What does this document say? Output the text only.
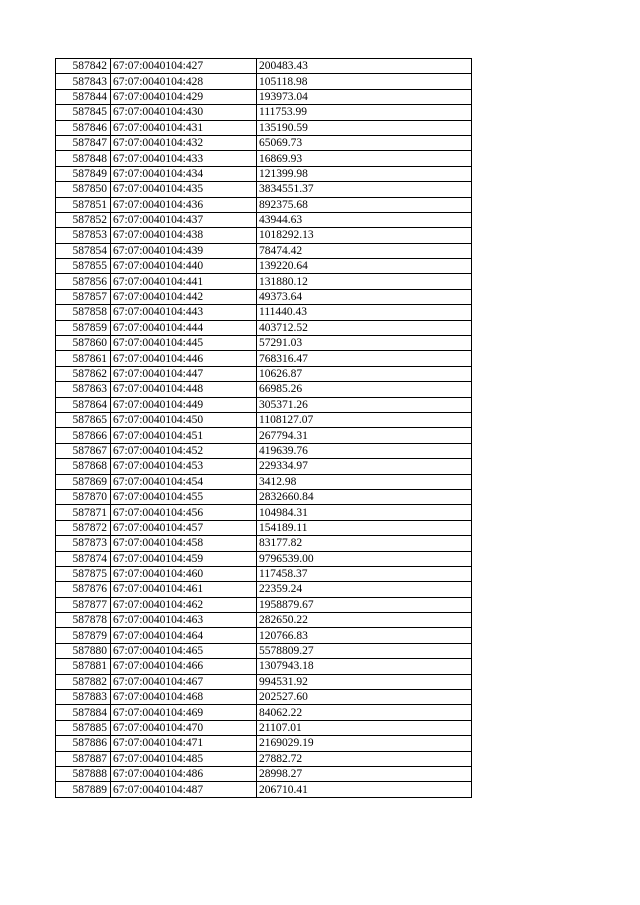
587842	67:07:0040104:427	200483.43
587843	67:07:0040104:428	105118.98
587844	67:07:0040104:429	193973.04
587845	67:07:0040104:430	111753.99
587846	67:07:0040104:431	135190.59
587847	67:07:0040104:432	65069.73
587848	67:07:0040104:433	16869.93
587849	67:07:0040104:434	121399.98
587850	67:07:0040104:435	3834551.37
587851	67:07:0040104:436	892375.68
587852	67:07:0040104:437	43944.63
587853	67:07:0040104:438	1018292.13
587854	67:07:0040104:439	78474.42
587855	67:07:0040104:440	139220.64
587856	67:07:0040104:441	131880.12
587857	67:07:0040104:442	49373.64
587858	67:07:0040104:443	111440.43
587859	67:07:0040104:444	403712.52
587860	67:07:0040104:445	57291.03
587861	67:07:0040104:446	768316.47
587862	67:07:0040104:447	10626.87
587863	67:07:0040104:448	66985.26
587864	67:07:0040104:449	305371.26
587865	67:07:0040104:450	1108127.07
587866	67:07:0040104:451	267794.31
587867	67:07:0040104:452	419639.76
587868	67:07:0040104:453	229334.97
587869	67:07:0040104:454	3412.98
587870	67:07:0040104:455	2832660.84
587871	67:07:0040104:456	104984.31
587872	67:07:0040104:457	154189.11
587873	67:07:0040104:458	83177.82
587874	67:07:0040104:459	9796539.00
587875	67:07:0040104:460	117458.37
587876	67:07:0040104:461	22359.24
587877	67:07:0040104:462	1958879.67
587878	67:07:0040104:463	282650.22
587879	67:07:0040104:464	120766.83
587880	67:07:0040104:465	5578809.27
587881	67:07:0040104:466	1307943.18
587882	67:07:0040104:467	994531.92
587883	67:07:0040104:468	202527.60
587884	67:07:0040104:469	84062.22
587885	67:07:0040104:470	21107.01
587886	67:07:0040104:471	2169029.19
587887	67:07:0040104:485	27882.72
587888	67:07:0040104:486	28998.27
587889	67:07:0040104:487	206710.41
